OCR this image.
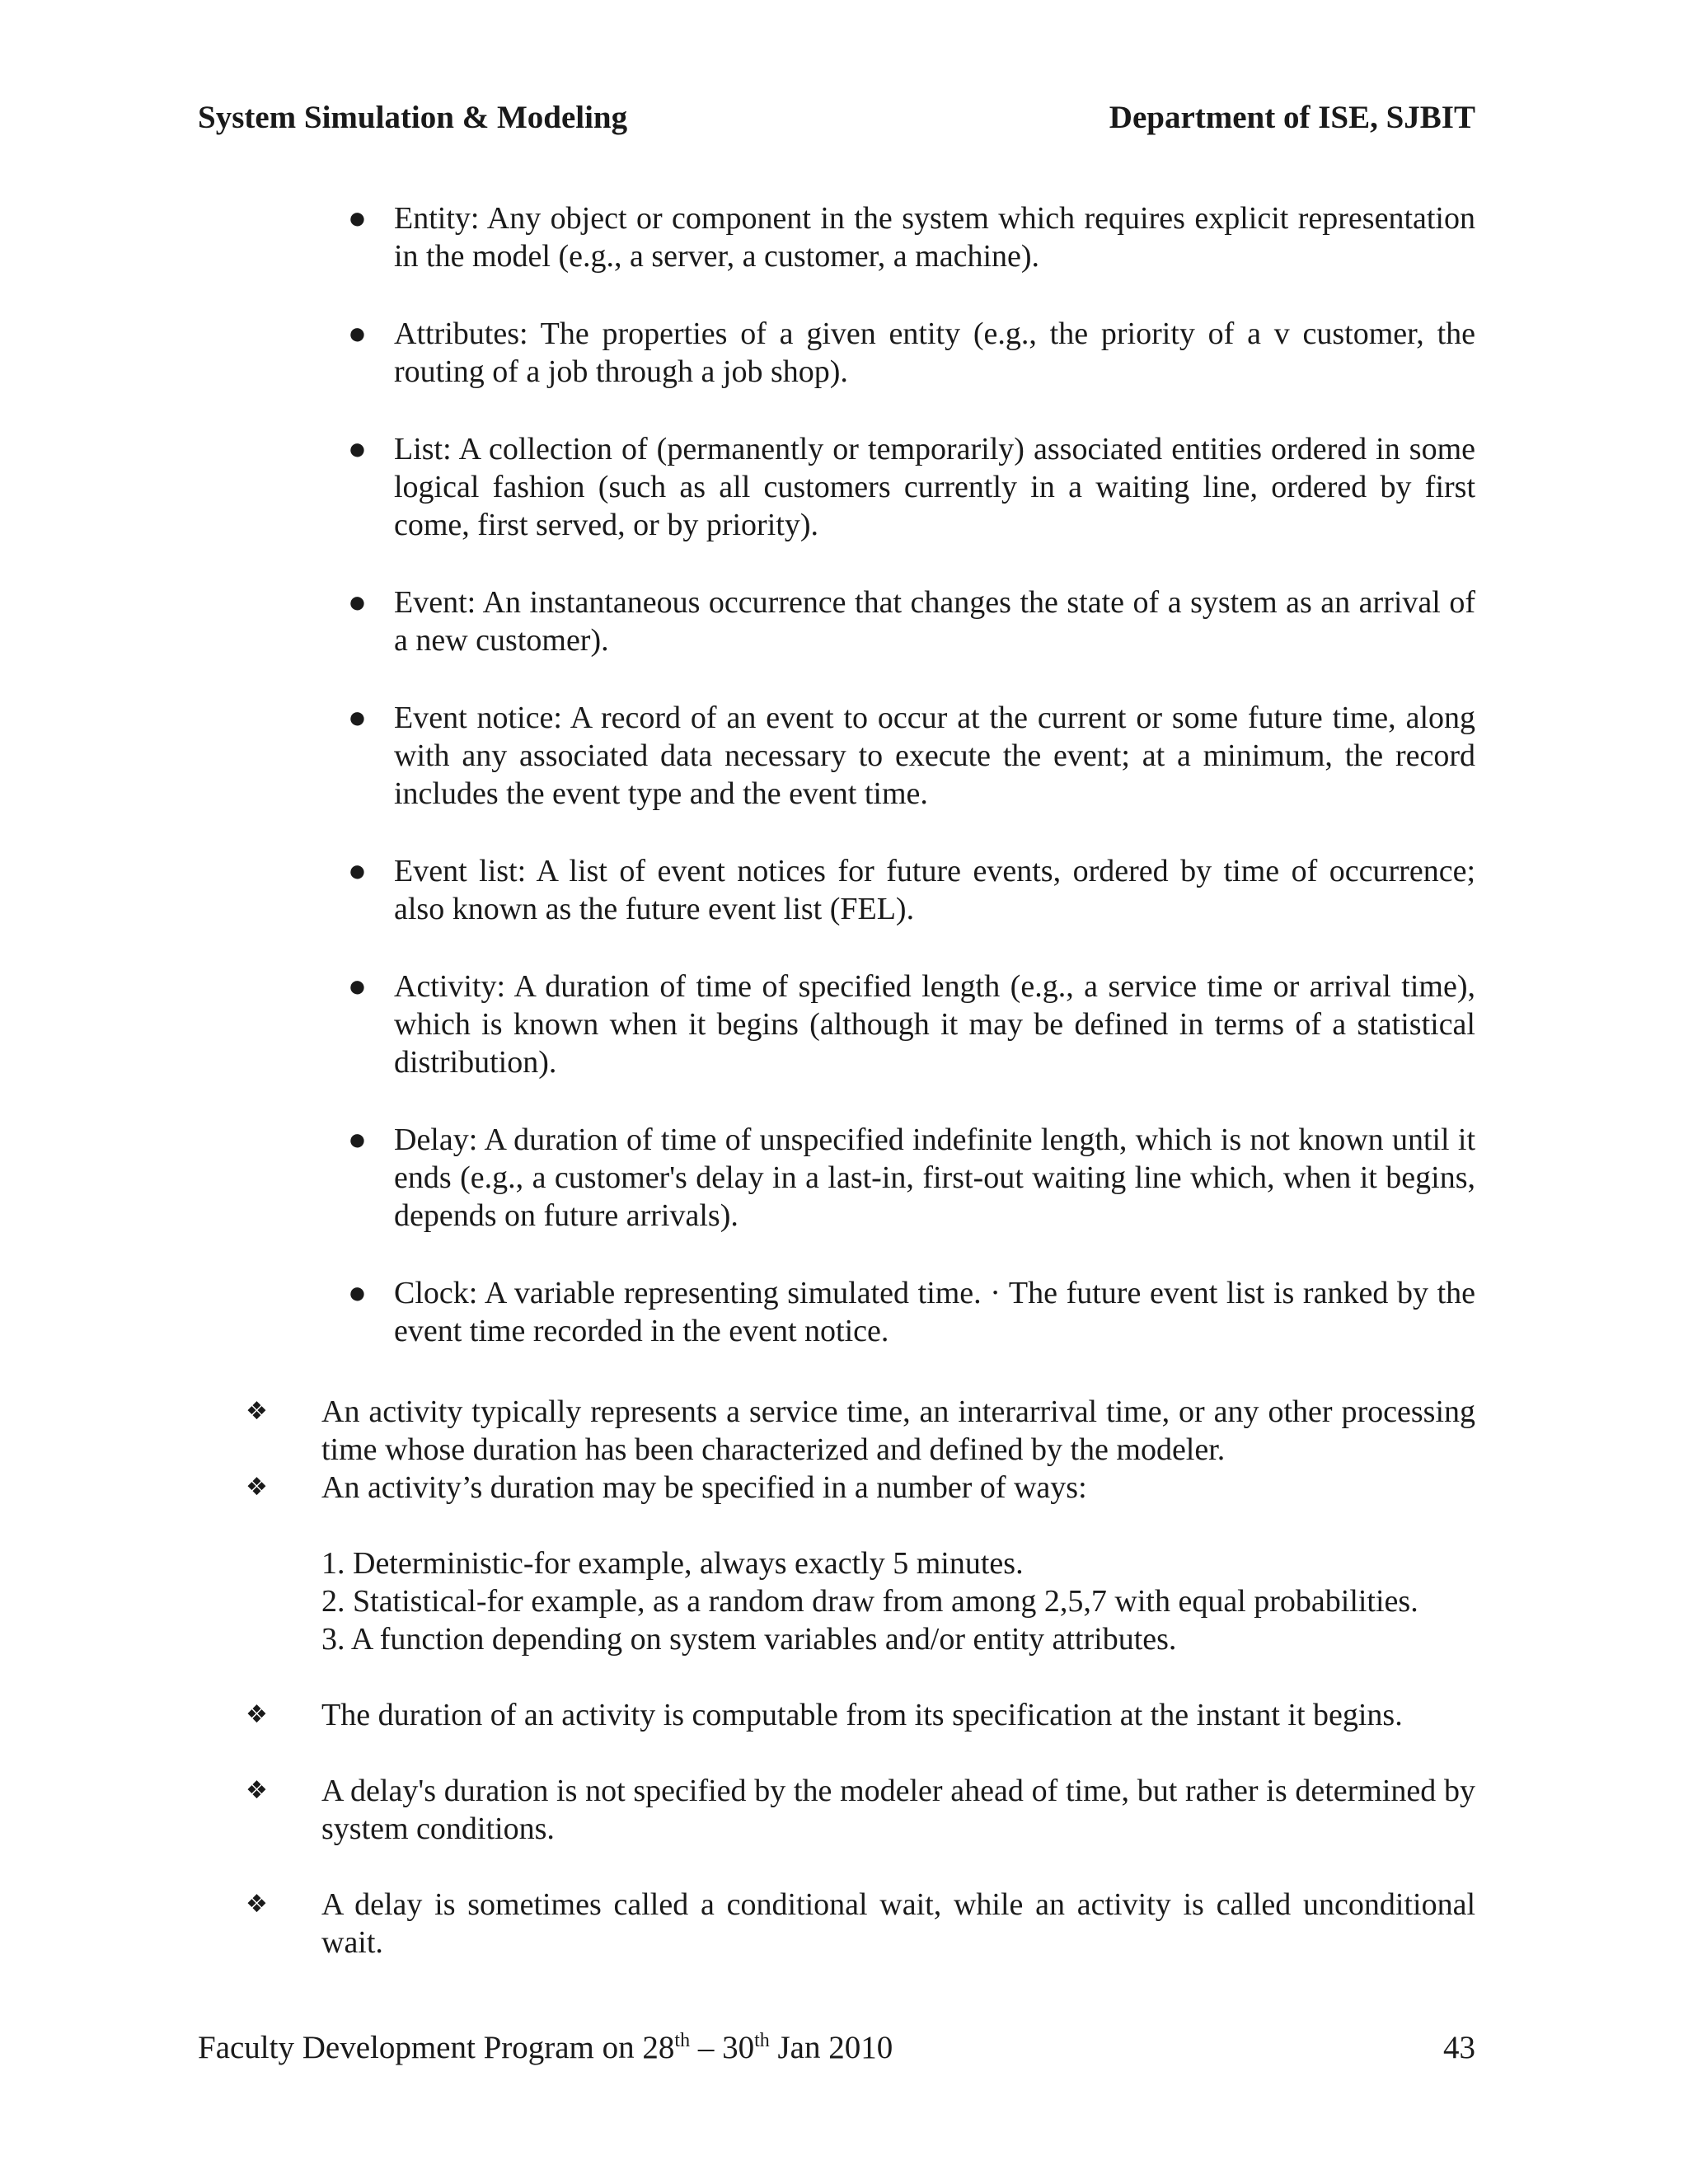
System Simulation & Modeling	Department of ISE, SJBIT
● Entity: Any object or component in the system which requires explicit representation in the model (e.g., a server, a customer, a machine).
● Attributes: The properties of a given entity (e.g., the priority of a v customer, the routing of a job through a job shop).
● List: A collection of (permanently or temporarily) associated entities ordered in some logical fashion (such as all customers currently in a waiting line, ordered by first come, first served, or by priority).
● Event: An instantaneous occurrence that changes the state of a system as an arrival of a new customer).
● Event notice: A record of an event to occur at the current or some future time, along with any associated data necessary to execute the event; at a minimum, the record includes the event type and the event time.
● Event list: A list of event notices for future events, ordered by time of occurrence; also known as the future event list (FEL).
● Activity: A duration of time of specified length (e.g., a service time or arrival time), which is known when it begins (although it may be defined in terms of a statistical distribution).
● Delay: A duration of time of unspecified indefinite length, which is not known until it ends (e.g., a customer's delay in a last-in, first-out waiting line which, when it begins, depends on future arrivals).
● Clock: A variable representing simulated time. · The future event list is ranked by the event time recorded in the event notice.
❖ An activity typically represents a service time, an interarrival time, or any other processing time whose duration has been characterized and defined by the modeler.
❖ An activity’s duration may be specified in a number of ways:
1. Deterministic-for example, always exactly 5 minutes.
2. Statistical-for example, as a random draw from among 2,5,7 with equal probabilities.
3. A function depending on system variables and/or entity attributes.
❖ The duration of an activity is computable from its specification at the instant it begins.
❖ A delay's duration is not specified by the modeler ahead of time, but rather is determined by system conditions.
❖ A delay is sometimes called a conditional wait, while an activity is called unconditional wait.
Faculty Development Program on 28th – 30th Jan 2010	43
